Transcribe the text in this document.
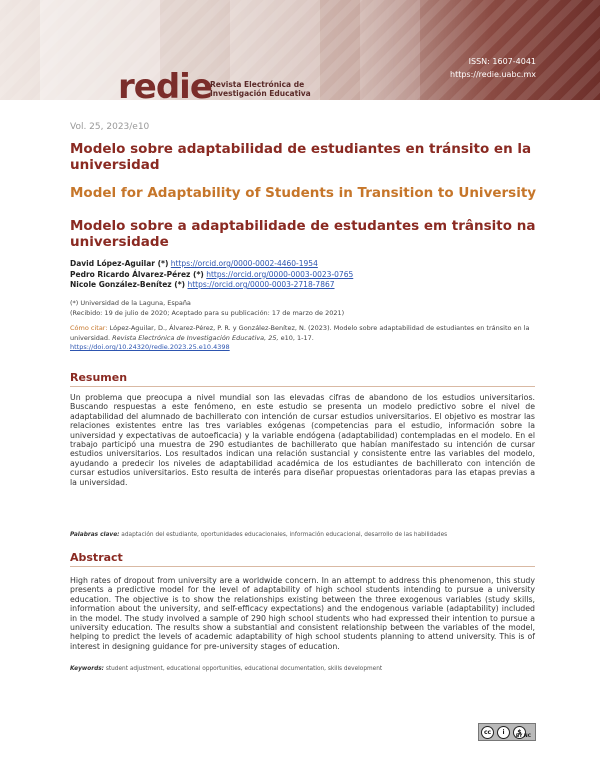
redie
Revista Electrónica de
Investigación Educativa
ISSN: 1607-4041
https://redie.uabc.mx
Vol. 25, 2023/e10
Modelo sobre adaptabilidad de estudiantes en tránsito en la universidad
Model for Adaptability of Students in Transition to University
Modelo sobre a adaptabilidade de estudantes em trânsito na universidade
David López-Aguilar (*) https://orcid.org/0000-0002-4460-1954
Pedro Ricardo Álvarez-Pérez (*) https://orcid.org/0000-0003-0023-0765
Nicole González-Benítez (*) https://orcid.org/0000-0003-2718-7867
(*) Universidad de la Laguna, España
(Recibido: 19 de julio de 2020; Aceptado para su publicación: 17 de marzo de 2021)
Cómo citar: López-Aguilar, D., Álvarez-Pérez, P. R. y González-Benítez, N. (2023). Modelo sobre adaptabilidad de estudiantes en tránsito en la universidad. Revista Electrónica de Investigación Educativa, 25, e10, 1-17.
https://doi.org/10.24320/redie.2023.25.e10.4398
Resumen
Un problema que preocupa a nivel mundial son las elevadas cifras de abandono de los estudios universitarios. Buscando respuestas a este fenómeno, en este estudio se presenta un modelo predictivo sobre el nivel de adaptabilidad del alumnado de bachillerato con intención de cursar estudios universitarios. El objetivo es mostrar las relaciones existentes entre las tres variables exógenas (competencias para el estudio, información sobre la universidad y expectativas de autoeficacia) y la variable endógena (adaptabilidad) contempladas en el modelo. En el trabajo participó una muestra de 290 estudiantes de bachillerato que habían manifestado su intención de cursar estudios universitarios. Los resultados indican una relación sustancial y consistente entre las variables del modelo, ayudando a predecir los niveles de adaptabilidad académica de los estudiantes de bachillerato con intención de cursar estudios universitarios. Esto resulta de interés para diseñar propuestas orientadoras para las etapas previas a la universidad.
Palabras clave: adaptación del estudiante, oportunidades educacionales, información educacional, desarrollo de las habilidades
Abstract
High rates of dropout from university are a worldwide concern. In an attempt to address this phenomenon, this study presents a predictive model for the level of adaptability of high school students intending to pursue a university education. The objective is to show the relationships existing between the three exogenous variables (study skills, information about the university, and self-efficacy expectations) and the endogenous variable (adaptability) included in the model. The study involved a sample of 290 high school students who had expressed their intention to pursue a university education. The results show a substantial and consistent relationship between the variables of the model, helping to predict the levels of academic adaptability of high school students planning to attend university. This is of interest in designing guidance for pre-university stages of education.
Keywords: student adjustment, educational opportunities, educational documentation, skills development
cc	i	$
BY NC
